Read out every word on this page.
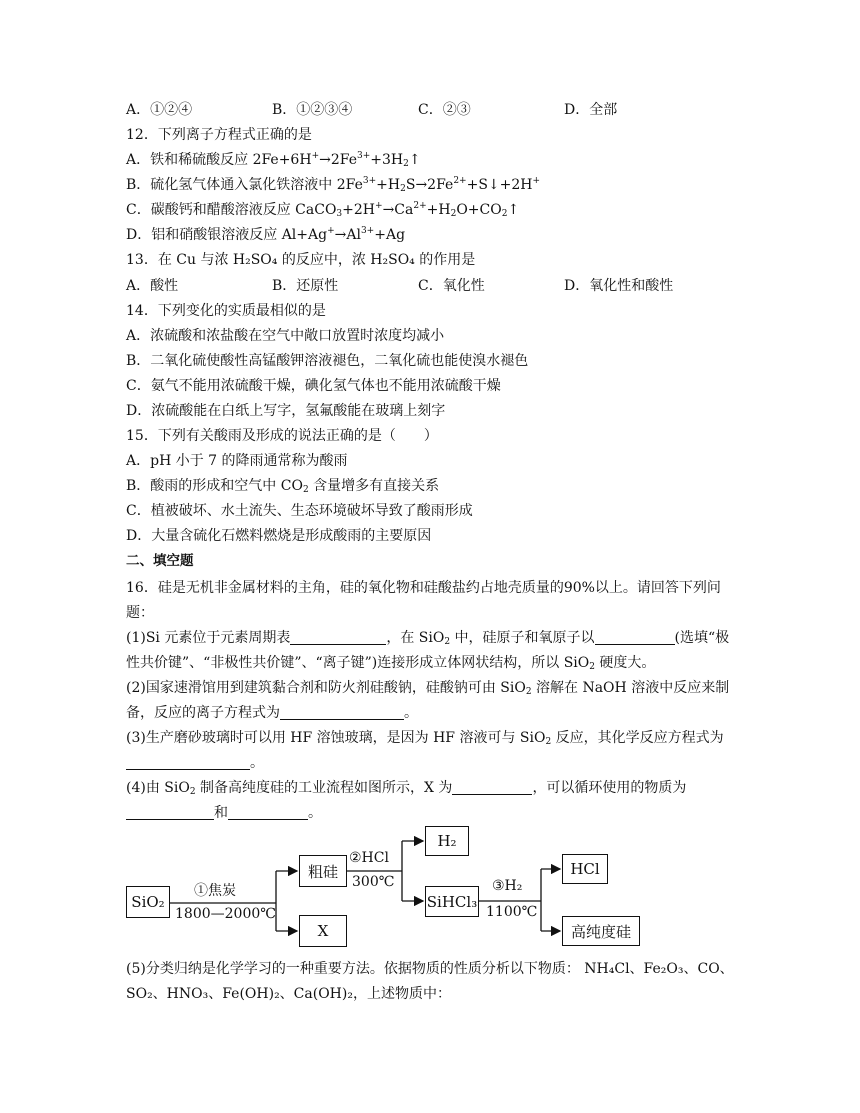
A．①②④	B．①②③④	C．②③	D．全部
12．下列离子方程式正确的是
A．铁和稀硫酸反应 $2Fe+6H^+\to 2Fe^{3+}+3H_2↑$
B．硫化氢气体通入氯化铁溶液中 $2Fe^{3+}+H_2S\to 2Fe^{2+}+S↓+2H^+$
C．碳酸钙和醋酸溶液反应 $CaCO_3+2H^+\to Ca^{2+}+H_2O+CO_2↑$
D．铝和硝酸银溶液反应 $Al+Ag^+\to Al^{3+}+Ag$
13．在 Cu 与浓 H₂SO₄ 的反应中，浓 H₂SO₄ 的作用是
A．酸性	B．还原性	C．氧化性	D．氧化性和酸性
14．下列变化的实质最相似的是
A．浓硫酸和浓盐酸在空气中敞口放置时浓度均减小
B．二氧化硫使酸性高锰酸钾溶液褪色，二氧化硫也能使溴水褪色
C．氨气不能用浓硫酸干燥，碘化氢气体也不能用浓硫酸干燥
D．浓硫酸能在白纸上写字，氢氟酸能在玻璃上刻字
15．下列有关酸雨及形成的说法正确的是（　　）
A．pH 小于 7 的降雨通常称为酸雨
B．酸雨的形成和空气中 $CO_2$ 含量增多有直接关系
C．植被破坏、水土流失、生态环境破坏导致了酸雨形成
D．大量含硫化石燃料燃烧是形成酸雨的主要原因
二、填空题
16．硅是无机非金属材料的主角，硅的氧化物和硅酸盐约占地壳质量的90%以上。请回答下列问题：
(1)Si 元素位于元素周期表	，在 SiO$_2$ 中，硅原子和氧原子以	(选填“极性共价键”、“非极性共价键”、“离子键”)连接形成立体网状结构，所以 SiO$_2$ 硬度大。
(2)国家速滑馆用到建筑黏合剂和防火剂硅酸钠，硅酸钠可由 SiO$_2$ 溶解在 NaOH 溶液中反应来制备，反应的离子方程式为	。
(3)生产磨砂玻璃时可以用 HF 溶蚀玻璃，是因为 HF 溶液可与 SiO$_2$ 反应，其化学反应方程式为
。
(4)由 SiO$_2$ 制备高纯度硅的工业流程如图所示，X 为	，可以循环使用的物质为
和	。
SiO₂
①焦炭
1800—2000℃
粗硅
X
②HCl
300℃
H₂
SiHCl₃
③H₂
1100℃
HCl
高纯度硅
(5)分类归纳是化学学习的一种重要方法。依据物质的性质分析以下物质： NH₄Cl、Fe₂O₃、CO、
SO₂、HNO₃、Fe(OH)₂、Ca(OH)₂，上述物质中：
